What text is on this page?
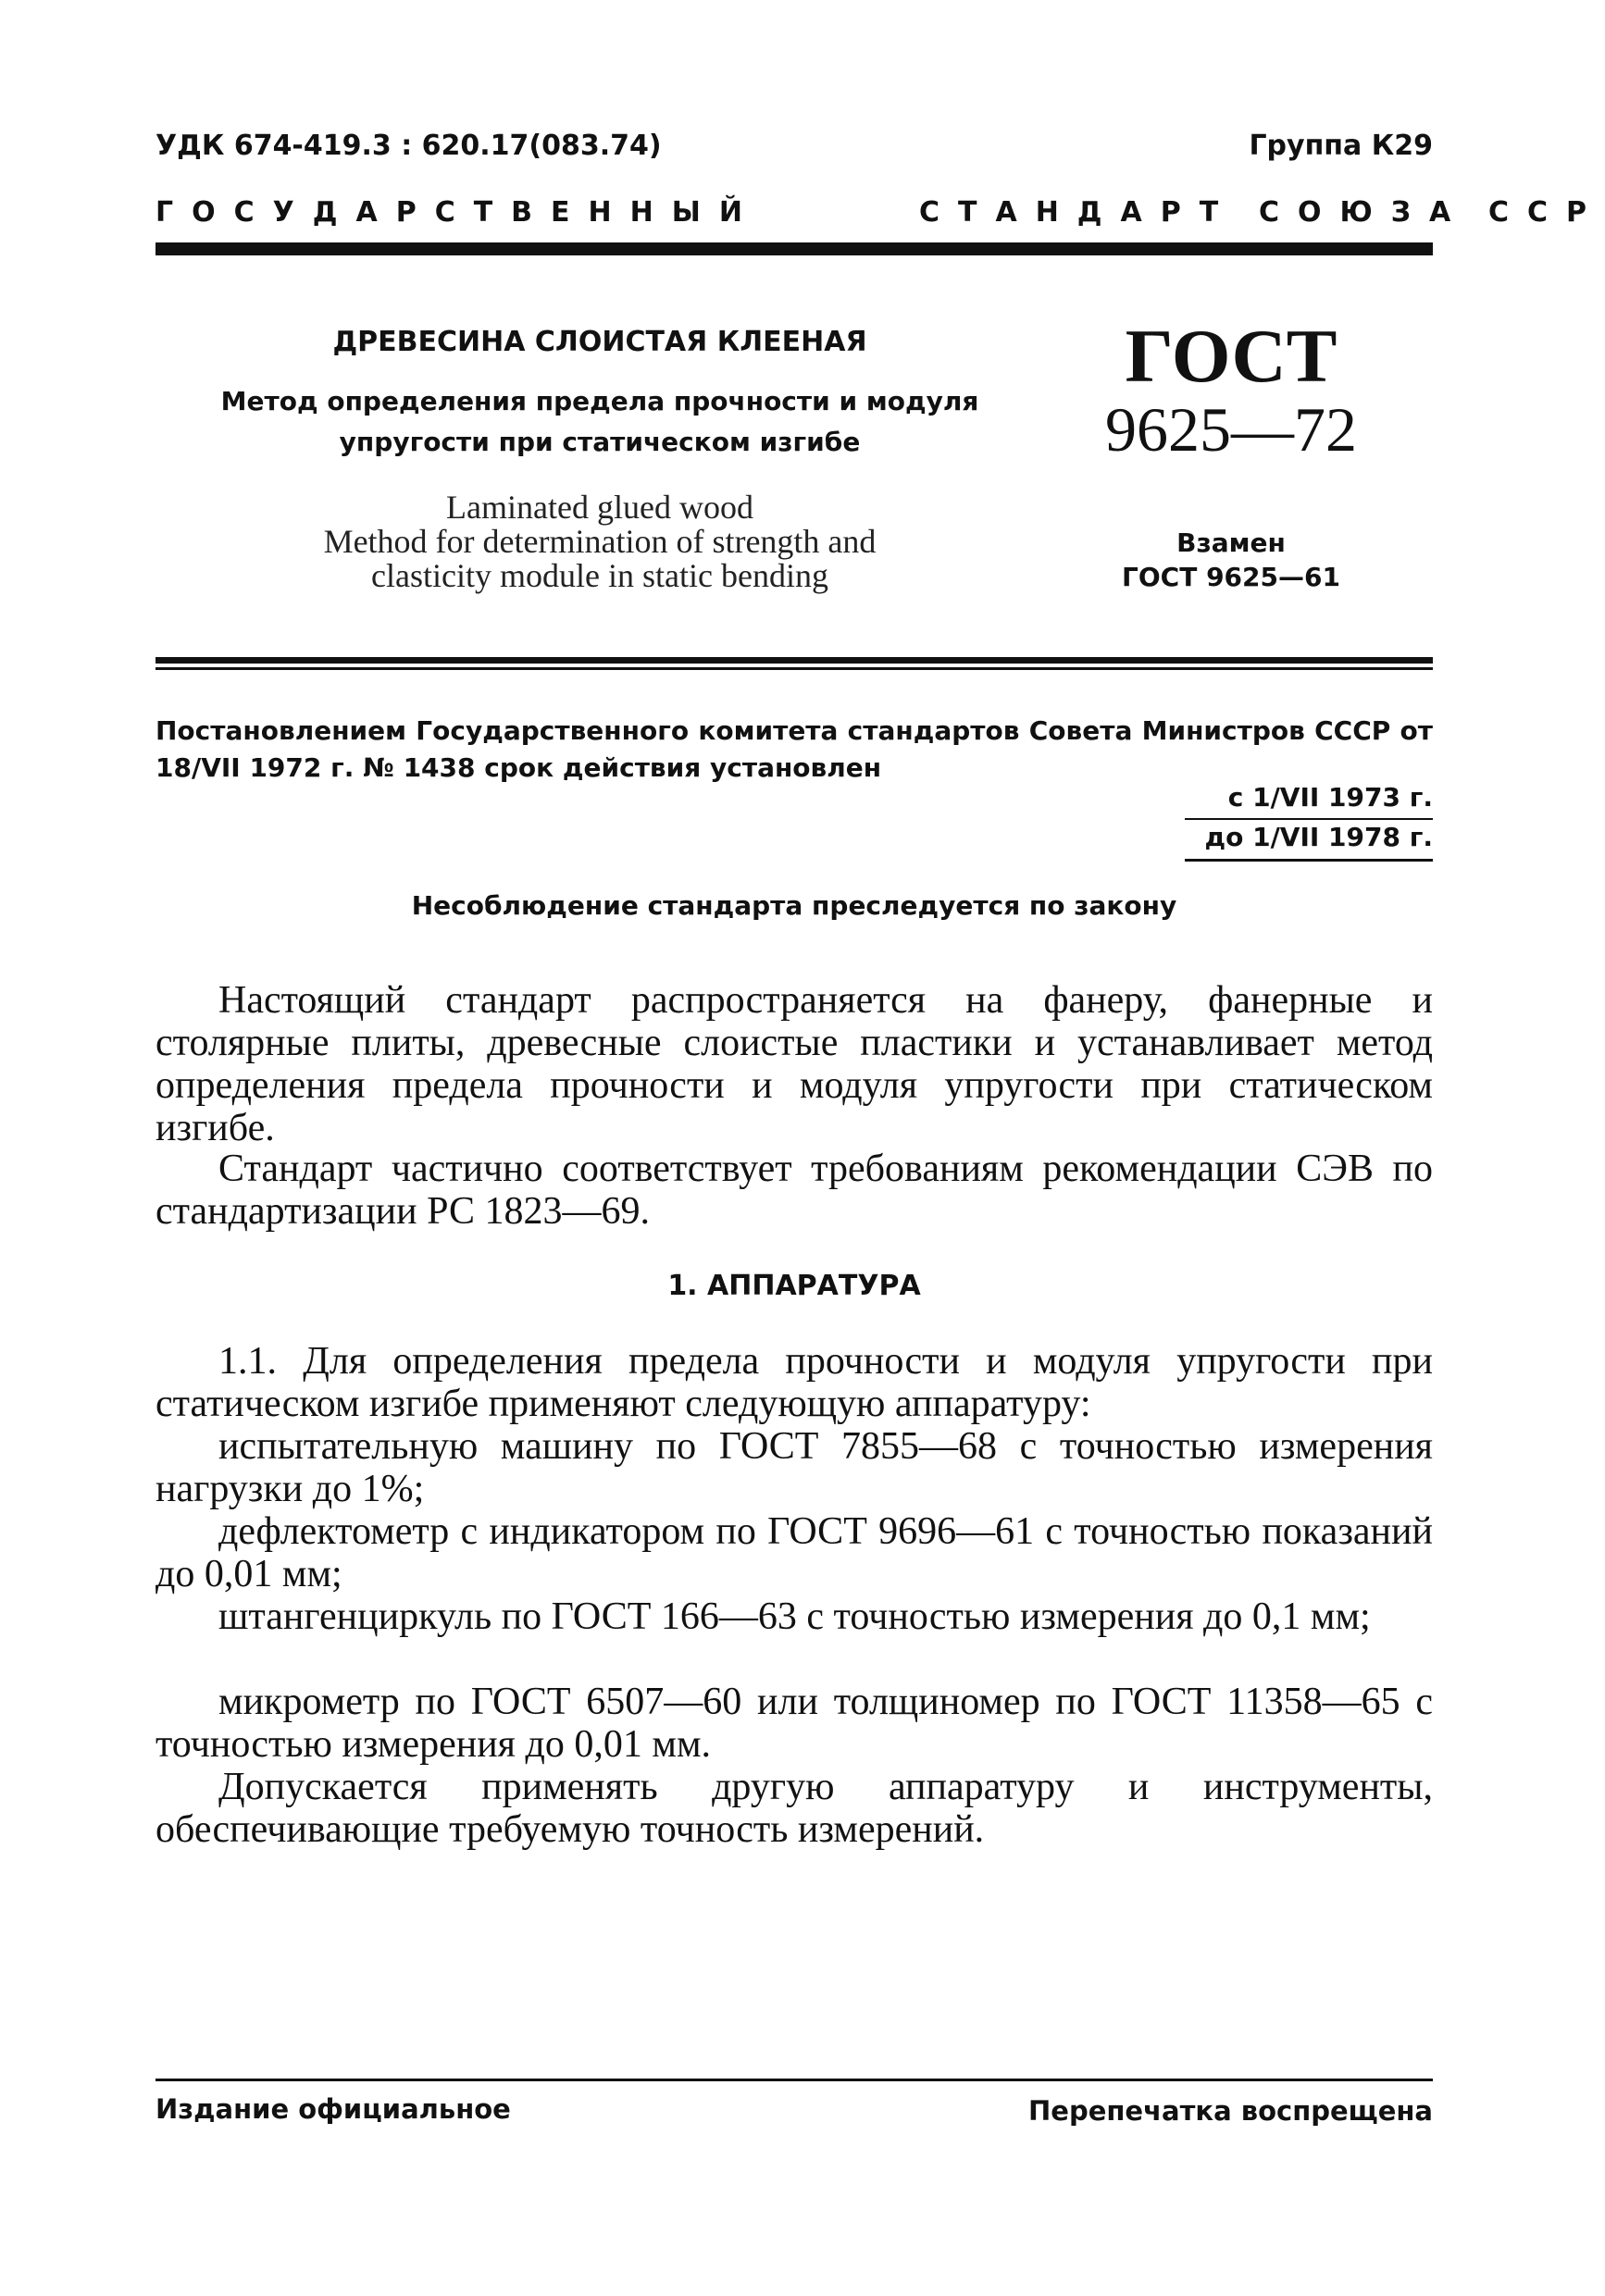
УДК 674-419.3 : 620.17(083.74)	Группа К29
ГОСУДАРСТВЕННЫЙ	СТАНДАРТ СОЮЗА ССР
ДРЕВЕСИНА СЛОИСТАЯ КЛЕЕНАЯ
Метод определения предела прочности и модуля
упругости при статическом изгибе
Laminated glued wood
Method for determination of strength and
clasticity module in static bending
ГОСТ
9625—72
Взамен
ГОСТ 9625—61
Постановлением Государственного комитета стандартов Совета Министров СССР от 18/VII 1972 г. № 1438 срок действия установлен
с 1/VII 1973 г.
до 1/VII 1978 г.
Несоблюдение стандарта преследуется по закону
Настоящий стандарт распространяется на фанеру, фанерные и столярные плиты, древесные слоистые пластики и устанавливает метод определения предела прочности и модуля упругости при статическом изгибе.
Стандарт частично соответствует требованиям рекомендации СЭВ по стандартизации РС 1823—69.
1. АППАРАТУРА
1.1. Для определения предела прочности и модуля упругости при статическом изгибе применяют следующую аппаратуру:
испытательную машину по ГОСТ 7855—68 с точностью измерения нагрузки до 1%;
дефлектометр с индикатором по ГОСТ 9696—61 с точностью показаний до 0,01 мм;
штангенциркуль по ГОСТ 166—63 с точностью измерения до 0,1 мм;
микрометр по ГОСТ 6507—60 или толщиномер по ГОСТ 11358—65 с точностью измерения до 0,01 мм.
Допускается применять другую аппаратуру и инструменты, обеспечивающие требуемую точность измерений.
Издание официальное	Перепечатка воспрещена
